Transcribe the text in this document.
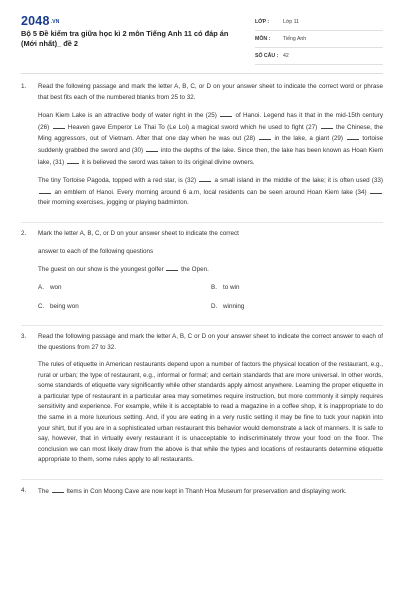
2048.VN
Bộ 5 Đề kiểm tra giữa học kì 2 môn Tiếng Anh 11 có đáp án (Mới nhất)_ đề 2
LỚP :	Lớp 11
MÔN :	Tiếng Anh
SỐ CÂU : 42
1.	Read the following passage and mark the letter A, B, C, or D on your answer sheet to indicate the correct word or phrase that best fits each of the numbered blanks from 25 to 32.

Hoan Kiem Lake is an attractive body of water right in the (25)	of Hanoi. Legend has it that in the mid-15th century (26)	Heaven gave Emperor Le Thai To (Le Loi) a magical sword which he used to fight (27)	the Chinese, the Ming aggressors, out of Vietnam. After that one day when he was out (28)	in the lake, a giant (29)	tortoise suddenly grabbed the sword and (30)	into the depths of the lake. Since then, the lake has been known as Hoan Kiem lake, (31)	it is believed the sword was taken to its original divine owners.

The tiny Tortoise Pagoda, topped with a red star, is (32)	a small island in the middle of the lake; it is often used (33)  an emblem of Hanoi. Every morning around 6 a.m, local residents can be seen around Hoan Kiem lake (34)  their morning exercises, jogging or playing badminton.

2.	Mark the letter A, B, C, or D on your answer sheet to indicate the correct

answer to each of the following questions

The guest on our show is the youngest golfer	the Open.

A. won	B. to win
C. being won	D. winning
3.	Read the following passage and mark the letter A, B, C or D on your answer sheet to indicate the correct answer to each of the questions from 27 to 32.

The rules of etiquette in American restaurants depend upon a number of factors the physical location of the restaurant, e.g., rural or urban; the type of restaurant, e.g., informal or formal; and certain standards that are more universal. In other words, some standards of etiquette vary significantly while other standards apply almost anywhere. Learning the proper etiquette in a particular type of restaurant in a particular area may sometimes require instruction, but more commonly it simply requires sensitivity and experience. For example, while it is acceptable to read a magazine in a coffee shop, it is inappropriate to do the same in a more luxurious setting. And, if you are eating in a very rustic setting it may be fine to tuck your napkin into your shirt, but if you are in a sophisticated urban restaurant this behavior would demonstrate a lack of manners. It is safe to say, however, that in virtually every restaurant it is unacceptable to indiscriminately throw your food on the floor. The conclusion we can most likely draw from the above is that while the types and locations of restaurants determine etiquette appropriate to them, some rules apply to all restaurants.

4.	The	Items in Con Moong Cave are now kept in Thanh Hoa Museum for preservation and displaying work.
